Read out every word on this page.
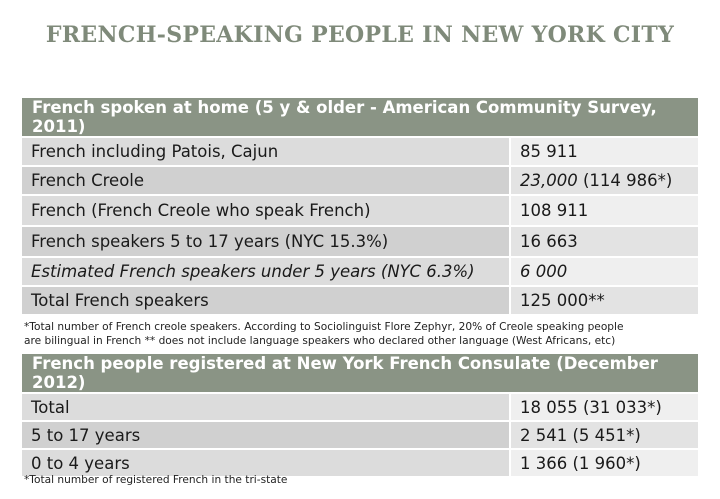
FRENCH-SPEAKING PEOPLE IN NEW YORK CITY
French spoken at home (5 y & older - American Community Survey, 2011)	
French including Patois, Cajun	85 911
French Creole	23,000 (114 986*)
French (French Creole who speak French)	108 911
French speakers 5 to 17 years (NYC 15.3%)	16 663
Estimated French speakers under 5 years (NYC 6.3%)	6 000
Total French speakers	125 000**
*Total number of French creole speakers. According to Sociolinguist Flore Zephyr, 20% of Creole speaking people
are bilingual in French ** does not include language speakers who declared other language (West Africans, etc)
French people registered at New York French Consulate (December 2012)	
Total	18 055 (31 033*)
5 to 17 years	2 541 (5 451*)
0 to 4 years	1 366 (1 960*)
*Total number of registered French in the tri-state
